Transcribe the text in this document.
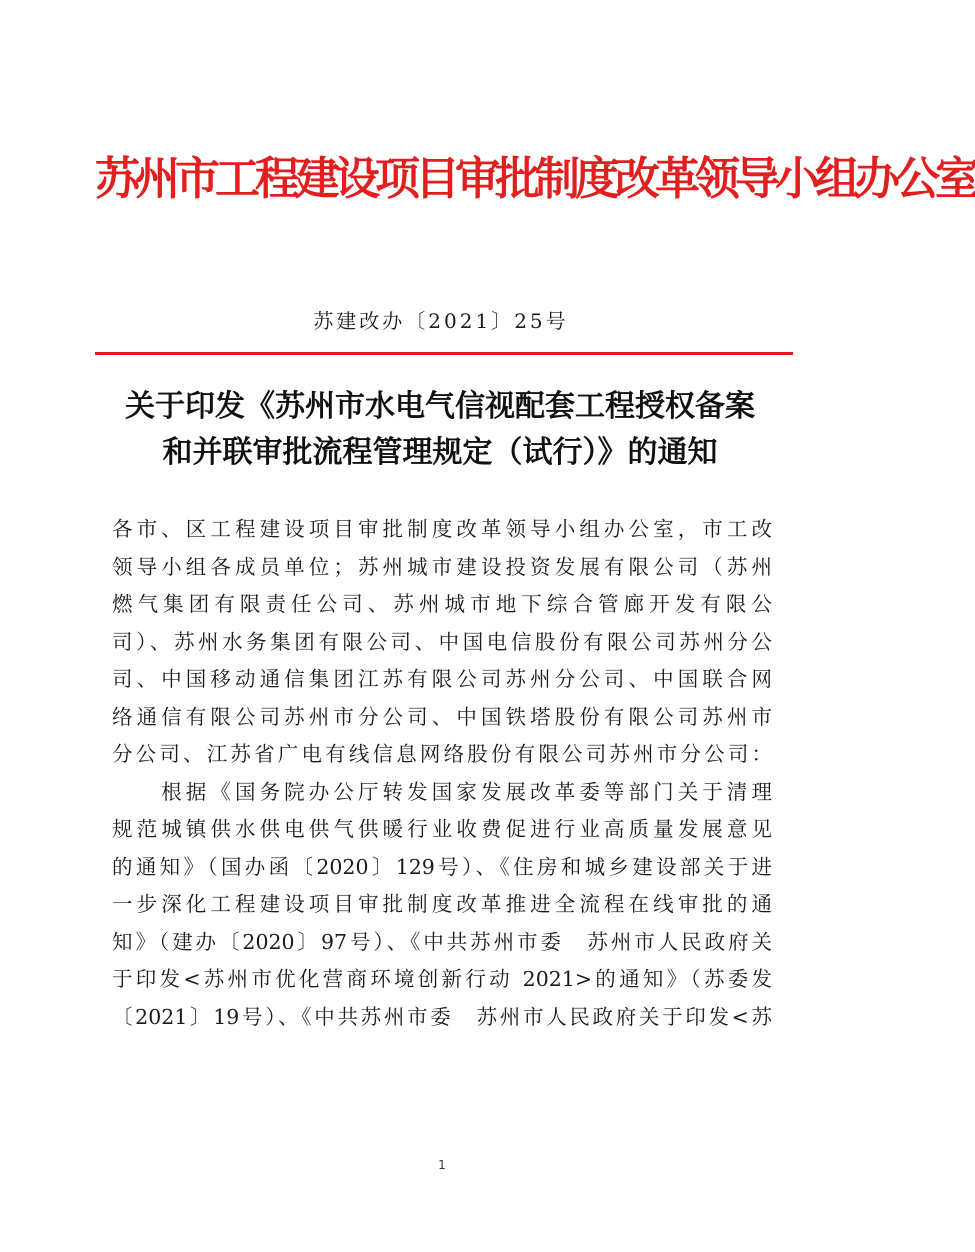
苏州市工程建设项目审批制度改革领导小组办公室
苏建改办〔2021〕25号
关于印发《苏州市水电气信视配套工程授权备案
和并联审批流程管理规定（试行）》的通知

各市、区工程建设项目审批制度改革领导小组办公室，市工改

领导小组各成员单位；苏州城市建设投资发展有限公司（苏州

燃气集团有限责任公司、苏州城市地下综合管廊开发有限公

司）、苏州水务集团有限公司、中国电信股份有限公司苏州分公

司、中国移动通信集团江苏有限公司苏州分公司、中国联合网

络通信有限公司苏州市分公司、中国铁塔股份有限公司苏州市

分公司、江苏省广电有线信息网络股份有限公司苏州市分公司：

　　根据《国务院办公厅转发国家发展改革委等部门关于清理

规范城镇供水供电供气供暖行业收费促进行业高质量发展意见

的通知》（国办函〔2020〕129号）、《住房和城乡建设部关于进

一步深化工程建设项目审批制度改革推进全流程在线审批的通

知》（建办〔2020〕97号）、《中共苏州市委　苏州市人民政府关

于印发<苏州市优化营商环境创新行动 2021>的通知》（苏委发

〔2021〕19号）、《中共苏州市委　苏州市人民政府关于印发<苏

1
